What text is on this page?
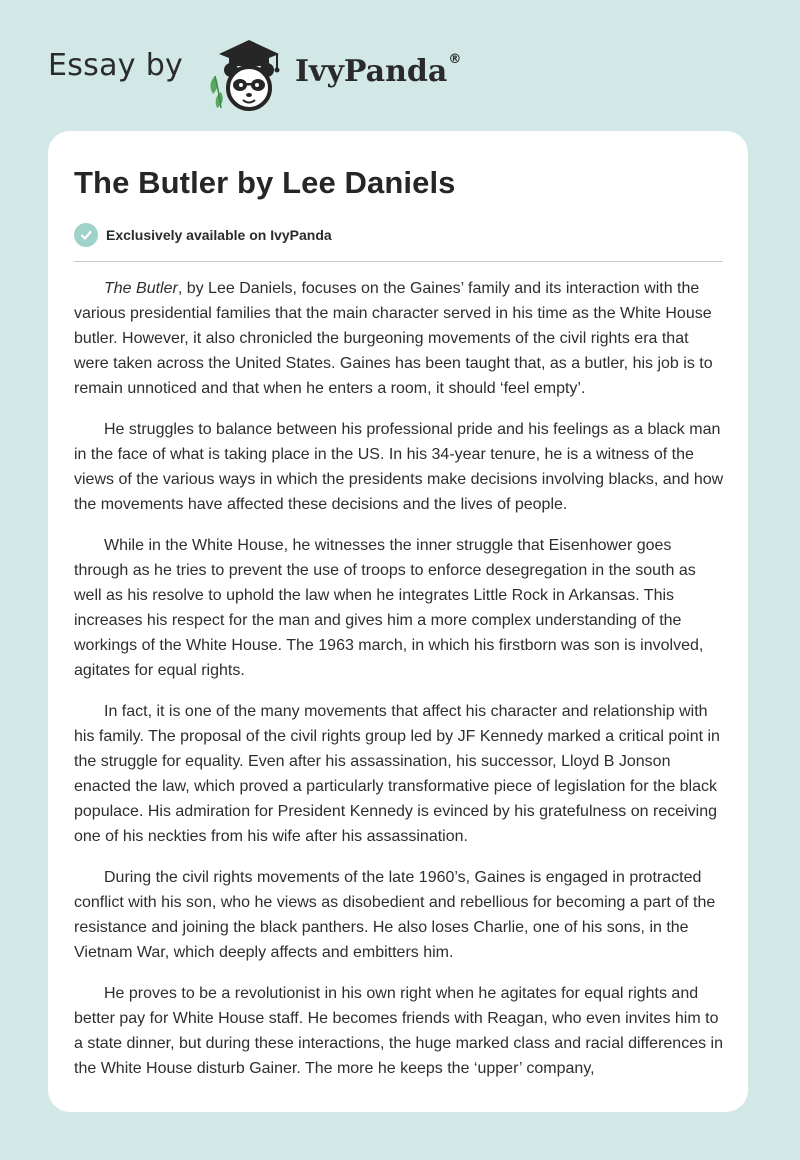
Essay by	IvyPanda®
The Butler by Lee Daniels
Exclusively available on IvyPanda

The Butler, by Lee Daniels, focuses on the Gaines’ family and its interaction with the various presidential families that the main character served in his time as the White House butler. However, it also chronicled the burgeoning movements of the civil rights era that were taken across the United States. Gaines has been taught that, as a butler, his job is to remain unnoticed and that when he enters a room, it should ‘feel empty’.

He struggles to balance between his professional pride and his feelings as a black man in the face of what is taking place in the US. In his 34-year tenure, he is a witness of the views of the various ways in which the presidents make decisions involving blacks, and how the movements have affected these decisions and the lives of people.

While in the White House, he witnesses the inner struggle that Eisenhower goes through as he tries to prevent the use of troops to enforce desegregation in the south as well as his resolve to uphold the law when he integrates Little Rock in Arkansas. This increases his respect for the man and gives him a more complex understanding of the workings of the White House. The 1963 march, in which his firstborn was son is involved, agitates for equal rights.

In fact, it is one of the many movements that affect his character and relationship with his family. The proposal of the civil rights group led by JF Kennedy marked a critical point in the struggle for equality. Even after his assassination, his successor, Lloyd B Jonson enacted the law, which proved a particularly transformative piece of legislation for the black populace. His admiration for President Kennedy is evinced by his gratefulness on receiving one of his neckties from his wife after his assassination.

During the civil rights movements of the late 1960’s, Gaines is engaged in protracted conflict with his son, who he views as disobedient and rebellious for becoming a part of the resistance and joining the black panthers. He also loses Charlie, one of his sons, in the Vietnam War, which deeply affects and embitters him.

He proves to be a revolutionist in his own right when he agitates for equal rights and better pay for White House staff. He becomes friends with Reagan, who even invites him to a state dinner, but during these interactions, the huge marked class and racial differences in the White House disturb Gainer. The more he keeps the ‘upper’ company,
